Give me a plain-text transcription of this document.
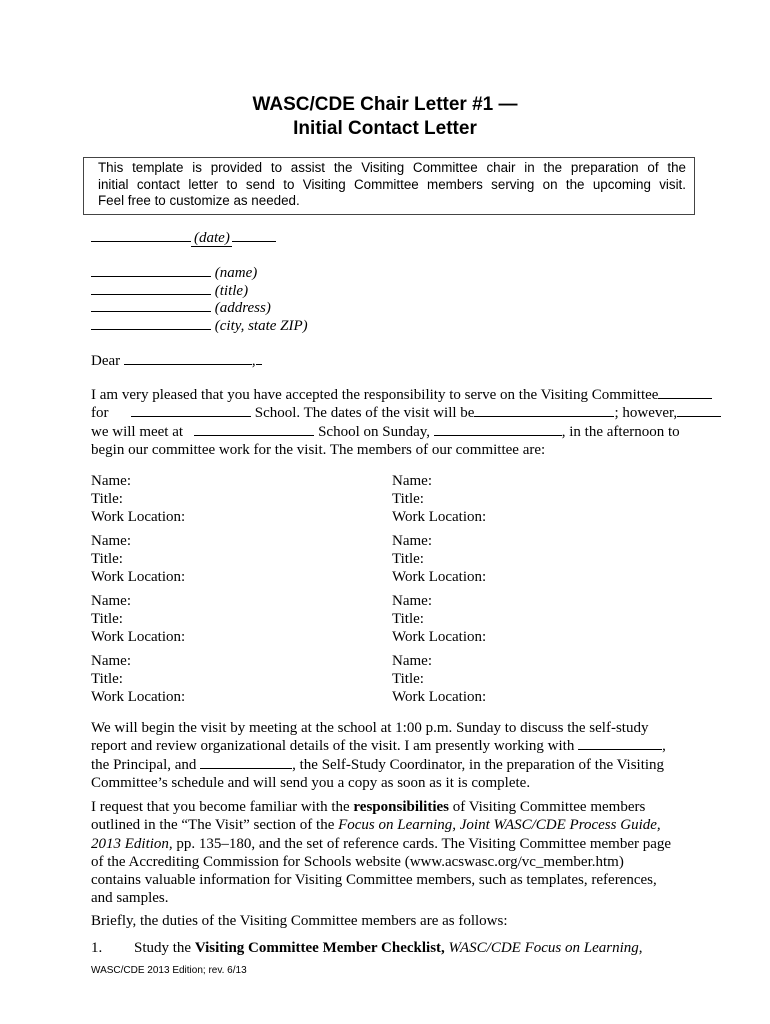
WASC/CDE Chair Letter #1 —
Initial Contact Letter
This template is provided to assist the Visiting Committee chair in the preparation of the
initial contact letter to send to Visiting Committee members serving on the upcoming visit.
Feel free to customize as needed.
(date)
(name)
(title)
(address)
(city, state ZIP)
Dear	,
I am very pleased that you have accepted the responsibility to serve on the Visiting Committee
for	School. The dates of the visit will be	; however,
we will meet at	School on Sunday,	, in the afternoon to
begin our committee work for the visit. The members of our committee are:
Name:
Title:
Work Location:
Name:
Title:
Work Location:
Name:
Title:
Work Location:
Name:
Title:
Work Location:
Name:
Title:
Work Location:
Name:
Title:
Work Location:
Name:
Title:
Work Location:
Name:
Title:
Work Location:
We will begin the visit by meeting at the school at 1:00 p.m. Sunday to discuss the self-study
report and review organizational details of the visit. I am presently working with	,
the Principal, and	, the Self-Study Coordinator, in the preparation of the Visiting
Committee’s schedule and will send you a copy as soon as it is complete.
I request that you become familiar with the responsibilities of Visiting Committee members
outlined in the “The Visit” section of the Focus on Learning, Joint WASC/CDE Process Guide,
2013 Edition, pp. 135–180, and the set of reference cards. The Visiting Committee member page
of the Accrediting Commission for Schools website (www.acswasc.org/vc_member.htm)
contains valuable information for Visiting Committee members, such as templates, references,
and samples.
Briefly, the duties of the Visiting Committee members are as follows:
1. Study the Visiting Committee Member Checklist, WASC/CDE Focus on Learning,
WASC/CDE 2013 Edition; rev. 6/13
